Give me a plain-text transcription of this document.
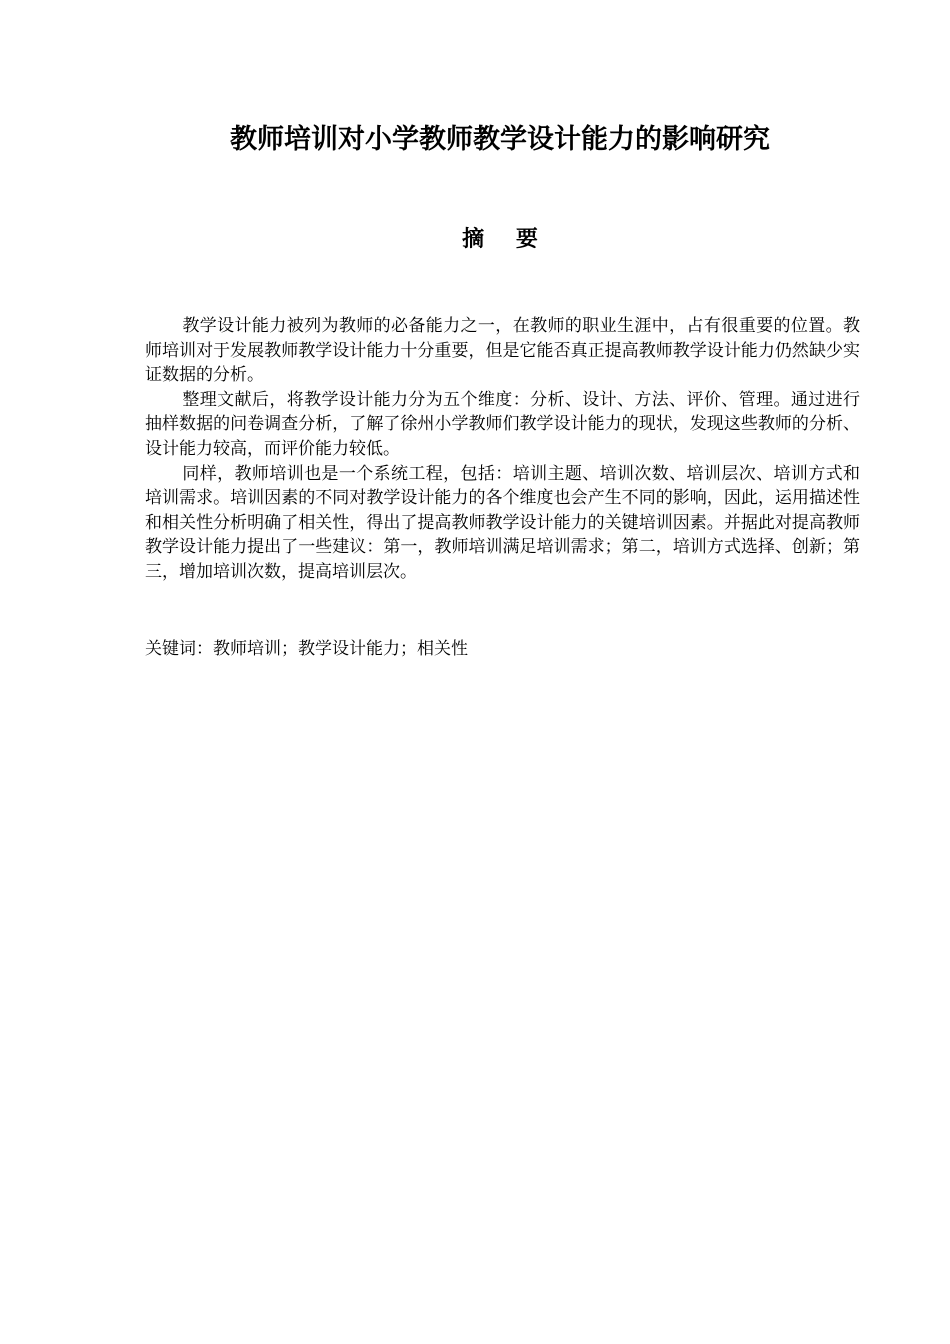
教师培训对小学教师教学设计能力的影响研究
摘 要

教学设计能力被列为教师的必备能力之一，在教师的职业生涯中，占有很重要的位置。教师培训对于发展教师教学设计能力十分重要，但是它能否真正提高教师教学设计能力仍然缺少实证数据的分析。

整理文献后，将教学设计能力分为五个维度：分析、设计、方法、评价、管理。通过进行抽样数据的问卷调查分析，了解了徐州小学教师们教学设计能力的现状，发现这些教师的分析、设计能力较高，而评价能力较低。

同样，教师培训也是一个系统工程，包括：培训主题、培训次数、培训层次、培训方式和培训需求。培训因素的不同对教学设计能力的各个维度也会产生不同的影响，因此，运用描述性和相关性分析明确了相关性，得出了提高教师教学设计能力的关键培训因素。并据此对提高教师教学设计能力提出了一些建议：第一，教师培训满足培训需求；第二，培训方式选择、创新；第三，增加培训次数，提高培训层次。

关键词：教师培训；教学设计能力；相关性
